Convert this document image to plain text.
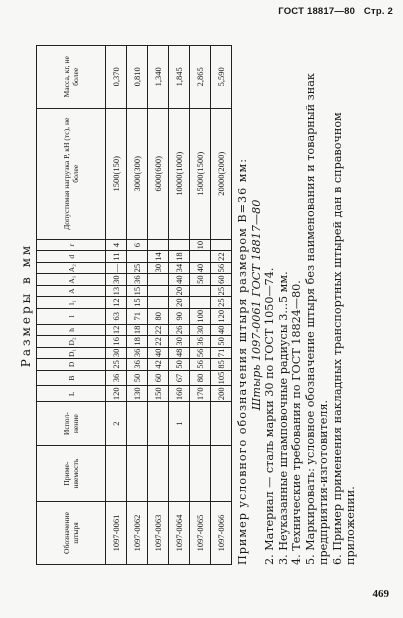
ГОСТ 18817—80 Стр. 2
Размеры в мм
Обозначение штыря	Приме-няемость	Испол-нение	L	B	D	D₁	D₂	h	l	l₁	A	A₁	A₂	d	r	Допустимая нагрузка P, кН (тс), не более	Масса, кг, не более
1097-0061		2	120	36	25	30	16	12	63	12	13	30	—	11	4	1500(150)	0,370
1097-0062			130	50	36	36	18	18	71	15	15	36	25		6	3000(300)	0,810
1097-0063			150	60	42	40	22	22	80				30	14		6000(600)	1,340
1097-0064		1	160	67	50	48	30	26	90	20	20	40	34	18		10000(1000)	1,845
1097-0065			170	80	56	56	36	30	100			50	40		10	15000(1500)	2,865
1097-0066			200	105	85	71	50	40	120	25	25	60	56	22		20000(2000)	5,590

Пример условного обозначения штыря размером B=36 мм: Штырь 1097-0061 ГОСТ 18817—80 2. Материал — сталь марки 30 по ГОСТ 1050—74. 3. Неуказанные штамповочные радиусы 3...5 мм. 4. Технические требования по ГОСТ 18824—80. 5. Маркировать: условное обозначение штыря без наименования и товарный знак предприятия-изготовителя. 6. Пример применения накладных транспортных штырей дан в справочном приложении.

469
